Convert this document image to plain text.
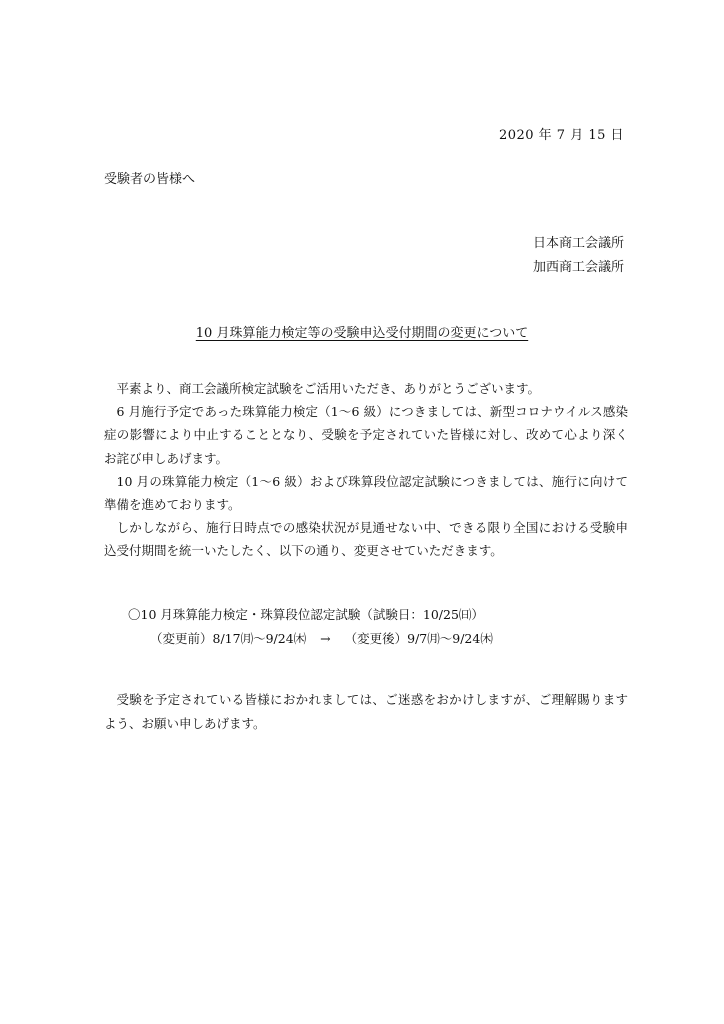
2020 年 7 月 15 日
受験者の皆様へ
日本商工会議所
加西商工会議所
10 月珠算能力検定等の受験申込受付期間の変更について

平素より、商工会議所検定試験をご活用いただき、ありがとうございます。

6 月施行予定であった珠算能力検定（1～6 級）につきましては、新型コロナウイルス感染症の影響により中止することとなり、受験を予定されていた皆様に対し、改めて心より深くお詫び申しあげます。

10 月の珠算能力検定（1～6 級）および珠算段位認定試験につきましては、施行に向けて準備を進めております。

しかしながら、施行日時点での感染状況が見通せない中、できる限り全国における受験申込受付期間を統一いたしたく、以下の通り、変更させていただきます。

〇10 月珠算能力検定・珠算段位認定試験（試験日：10/25㈰）
（変更前）8/17㈪～9/24㈭ → （変更後）9/7㈪～9/24㈭

受験を予定されている皆様におかれましては、ご迷惑をおかけしますが、ご理解賜りますよう、お願い申しあげます。
